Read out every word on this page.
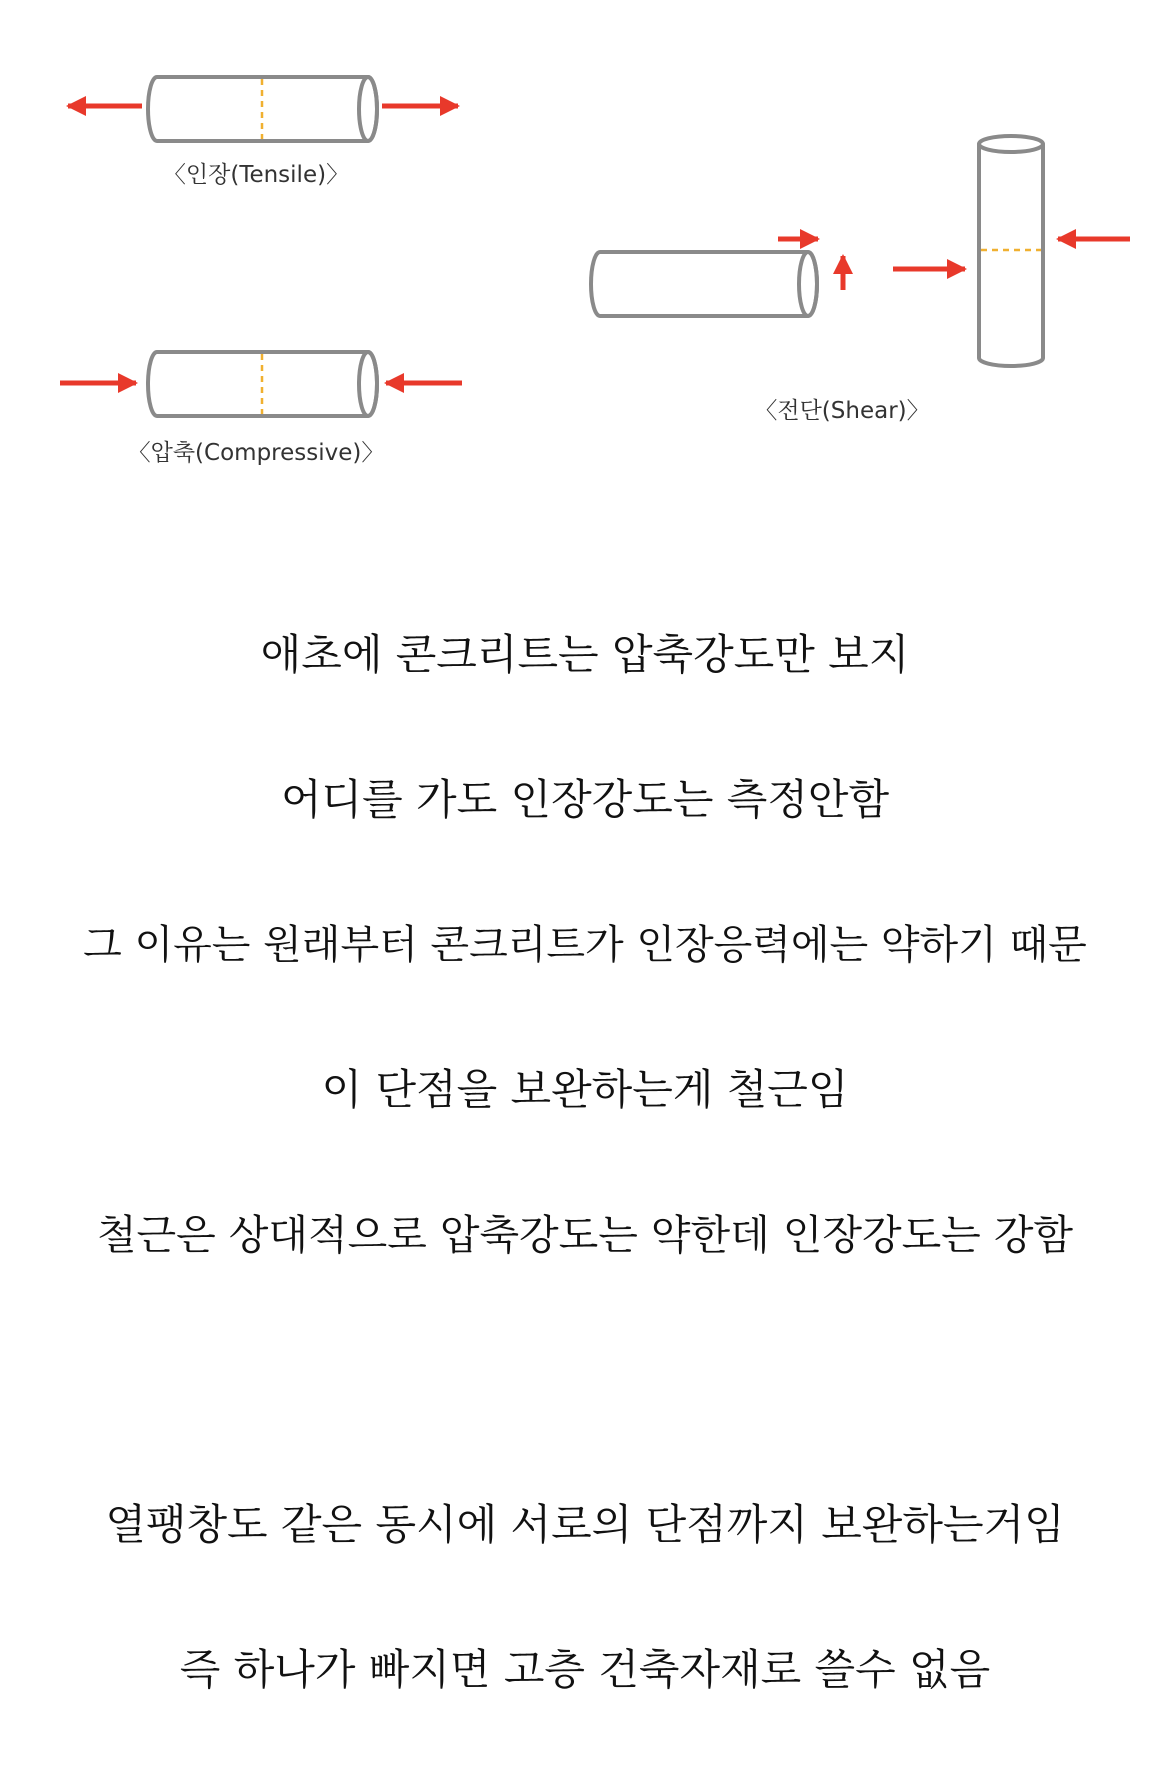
〈인장(Tensile)〉
〈압축(Compressive)〉
〈전단(Shear)〉
애초에 콘크리트는 압축강도만 보지
어디를 가도 인장강도는 측정안함
그 이유는 원래부터 콘크리트가 인장응력에는 약하기 때문
이 단점을 보완하는게 철근임
철근은 상대적으로 압축강도는 약한데 인장강도는 강함
열팽창도 같은 동시에 서로의 단점까지 보완하는거임
즉 하나가 빠지면 고층 건축자재로 쓸수 없음
